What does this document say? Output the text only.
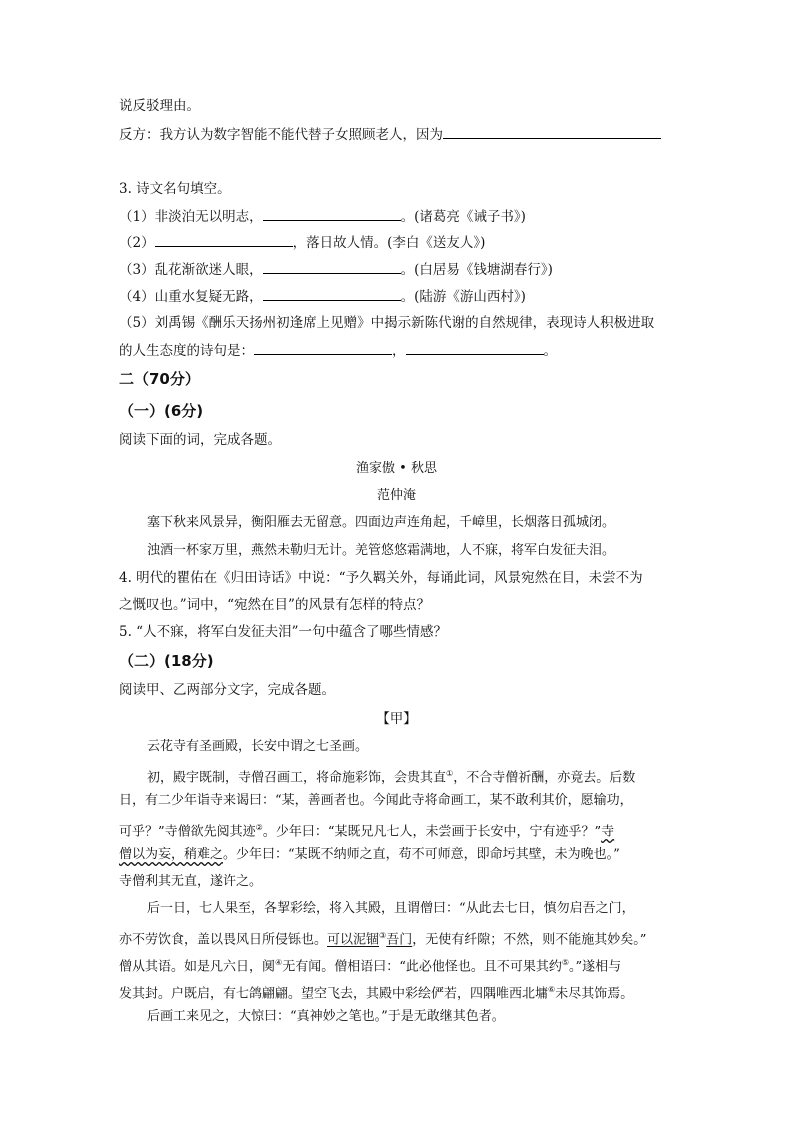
说反驳理由。
反方：我方认为数字智能不能代替子女照顾老人，因为
3. 诗文名句填空。
（1）非淡泊无以明志，	。(诸葛亮《诫子书》)
（2）	，落日故人情。(李白《送友人》)
（3）乱花渐欲迷人眼，	。(白居易《钱塘湖春行》)
（4）山重水复疑无路，	。(陆游《游山西村》)
（5）刘禹锡《酬乐天扬州初逢席上见赠》中揭示新陈代谢的自然规律，表现诗人积极进取
的人生态度的诗句是：	，	。
二（70分）
（一）(6分)
阅读下面的词，完成各题。
渔家傲 • 秋思
范仲淹
塞下秋来风景异，衡阳雁去无留意。四面边声连角起，千嶂里，长烟落日孤城闭。
浊酒一杯家万里，燕然未勒归无计。羌管悠悠霜满地，人不寐，将军白发征夫泪。
4. 明代的瞿佑在《归田诗话》中说：“予久羁关外，每诵此词，风景宛然在目，未尝不为
之慨叹也。”词中，“宛然在目”的风景有怎样的特点？
5. “人不寐，将军白发征夫泪”一句中蕴含了哪些情感？
（二）(18分)
阅读甲、乙两部分文字，完成各题。
【甲】
云花寺有圣画殿，长安中谓之七圣画。
初，殿宇既制，寺僧召画工，将命施彩饰，会贵其直①，不合寺僧祈酬，亦竟去。后数
日，有二少年诣寺来谒曰：“某，善画者也。今闻此寺将命画工，某不敢利其价，愿输功，
可乎？”寺僧欲先阅其迹②。少年曰：“某既兄凡七人，未尝画于长安中，宁有迹乎？”寺
僧以为妄，稍难之。少年曰：“某既不纳师之直，苟不可师意，即命圬其壁，未为晚也。”
寺僧利其无直，遂许之。
后一日，七人果至，各挈彩绘，将入其殿，且谓僧曰：“从此去七日，慎勿启吾之门，
亦不劳饮食，盖以畏风日所侵铄也。可以泥锢③吾门，无使有纤隙；不然，则不能施其妙矣。”
僧从其语。如是凡六日，阒④无有闻。僧相语曰：“此必他怪也。且不可果其约⑤。”遂相与
发其封。户既启，有七鸽翩翩。望空飞去，其殿中彩绘俨若，四隅唯西北墉⑥未尽其饰焉。
后画工来见之，大惊曰：“真神妙之笔也。”于是无敢继其色者。
